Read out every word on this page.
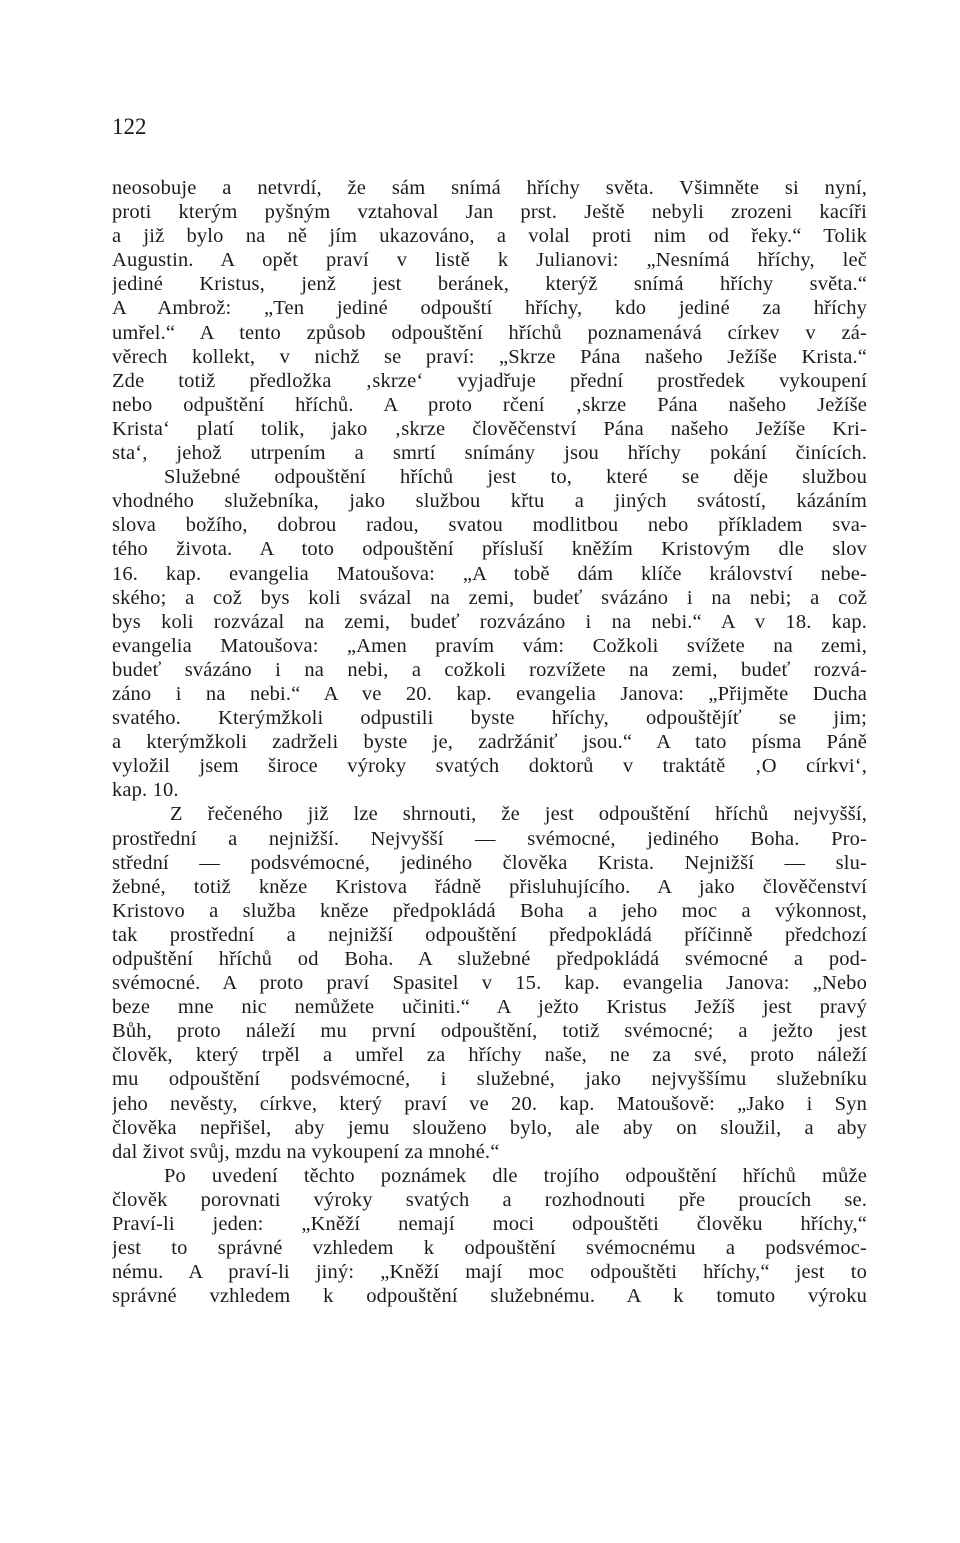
122
neosobuje a netvrdí, že sám snímá hříchy světa. Všimněte si nyní,
proti kterým pyšným vztahoval Jan prst. Ještě nebyli zrozeni kacíři
a již bylo na ně jím ukazováno, a volal proti nim od řeky.“ Tolik
Augustin. A opět praví v listě k Julianovi: „Nesnímá hříchy, leč
jediné Kristus, jenž jest beránek, kterýž snímá hříchy světa.“
A Ambrož: „Ten jediné odpouští hříchy, kdo jediné za hříchy
umřel.“ A tento způsob odpouštění hříchů poznamenává církev v zá-
věrech kollekt, v nichž se praví: „Skrze Pána našeho Ježíše Krista.“
Zde totiž předložka ‚skrze‘ vyjadřuje přední prostředek vykoupení
nebo odpuštění hříchů. A proto rčení ‚skrze Pána našeho Ježíše
Krista‘ platí tolik, jako ‚skrze člověčenství Pána našeho Ježíše Kri-
sta‘, jehož utrpením a smrtí snímány jsou hříchy pokání činících.
Služebné odpouštění hříchů jest to, které se děje službou
vhodného služebníka, jako službou křtu a jiných svátostí, kázáním
slova božího, dobrou radou, svatou modlitbou nebo příkladem sva-
tého života. A toto odpouštění přísluší kněžím Kristovým dle slov
16. kap. evangelia Matoušova: „A tobě dám klíče království nebe-
ského; a což bys koli svázal na zemi, budeť svázáno i na nebi; a což
bys koli rozvázal na zemi, budeť rozvázáno i na nebi.“ A v 18. kap.
evangelia Matoušova: „Amen pravím vám: Cožkoli svížete na zemi,
budeť svázáno i na nebi, a cožkoli rozvížete na zemi, budeť rozvá-
záno i na nebi.“ A ve 20. kap. evangelia Janova: „Přijměte Ducha
svatého. Kterýmžkoli odpustili byste hříchy, odpouštějíť se jim;
a kterýmžkoli zadrželi byste je, zadržániť jsou.“ A tato písma Páně
vyložil jsem široce výroky svatých doktorů v traktátě ‚O církvi‘,
kap. 10.
Z řečeného již lze shrnouti, že jest odpouštění hříchů nejvyšší,
prostřední a nejnižší. Nejvyšší — svémocné, jediného Boha. Pro-
střední — podsvémocné, jediného člověka Krista. Nejnižší — slu-
žebné, totiž kněze Kristova řádně přisluhujícího. A jako člověčenství
Kristovo a služba kněze předpokládá Boha a jeho moc a výkonnost,
tak prostřední a nejnižší odpouštění předpokládá příčinně předchozí
odpuštění hříchů od Boha. A služebné předpokládá svémocné a pod-
svémocné. A proto praví Spasitel v 15. kap. evangelia Janova: „Nebo
beze mne nic nemůžete učiniti.“ A ježto Kristus Ježíš jest pravý
Bůh, proto náleží mu první odpouštění, totiž svémocné; a ježto jest
člověk, který trpěl a umřel za hříchy naše, ne za své, proto náleží
mu odpouštění podsvémocné, i služebné, jako nejvyššímu služebníku
jeho nevěsty, církve, který praví ve 20. kap. Matoušově: „Jako i Syn
člověka nepřišel, aby jemu slouženo bylo, ale aby on sloužil, a aby
dal život svůj, mzdu na vykoupení za mnohé.“
Po uvedení těchto poznámek dle trojího odpouštění hříchů může
člověk porovnati výroky svatých a rozhodnouti pře proucích se.
Praví-li jeden: „Kněží nemají moci odpouštěti člověku hříchy,“
jest to správné vzhledem k odpouštění svémocnému a podsvémoc-
nému. A praví-li jiný: „Kněží mají moc odpouštěti hříchy,“ jest to
správné vzhledem k odpouštění služebnému. A k tomuto výroku
